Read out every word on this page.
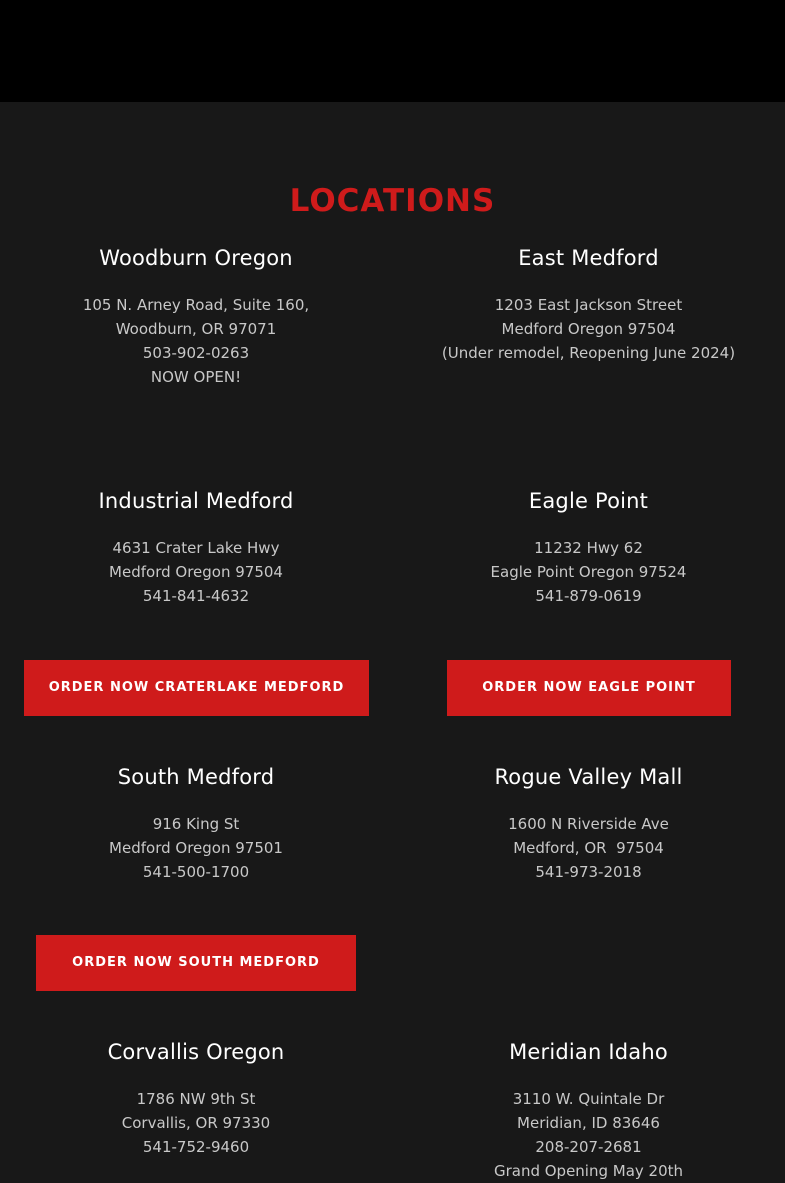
LOCATIONS
Woodburn Oregon
105 N. Arney Road, Suite 160,
Woodburn, OR 97071
503-902-0263
NOW OPEN!
East Medford
1203 East Jackson Street
Medford Oregon 97504
(Under remodel, Reopening June 2024)
Industrial Medford
4631 Crater Lake Hwy
Medford Oregon 97504
541-841-4632
Eagle Point
11232 Hwy 62
Eagle Point Oregon 97524
541-879-0619
ORDER NOW CRATERLAKE MEDFORD	ORDER NOW EAGLE POINT
South Medford
916 King St
Medford Oregon 97501
541-500-1700
Rogue Valley Mall
1600 N Riverside Ave
Medford, OR  97504
541-973-2018
ORDER NOW SOUTH MEDFORD
Corvallis Oregon
1786 NW 9th St
Corvallis, OR 97330
541-752-9460
Meridian Idaho
3110 W. Quintale Dr
Meridian, ID 83646
208-207-2681
Grand Opening May 20th
